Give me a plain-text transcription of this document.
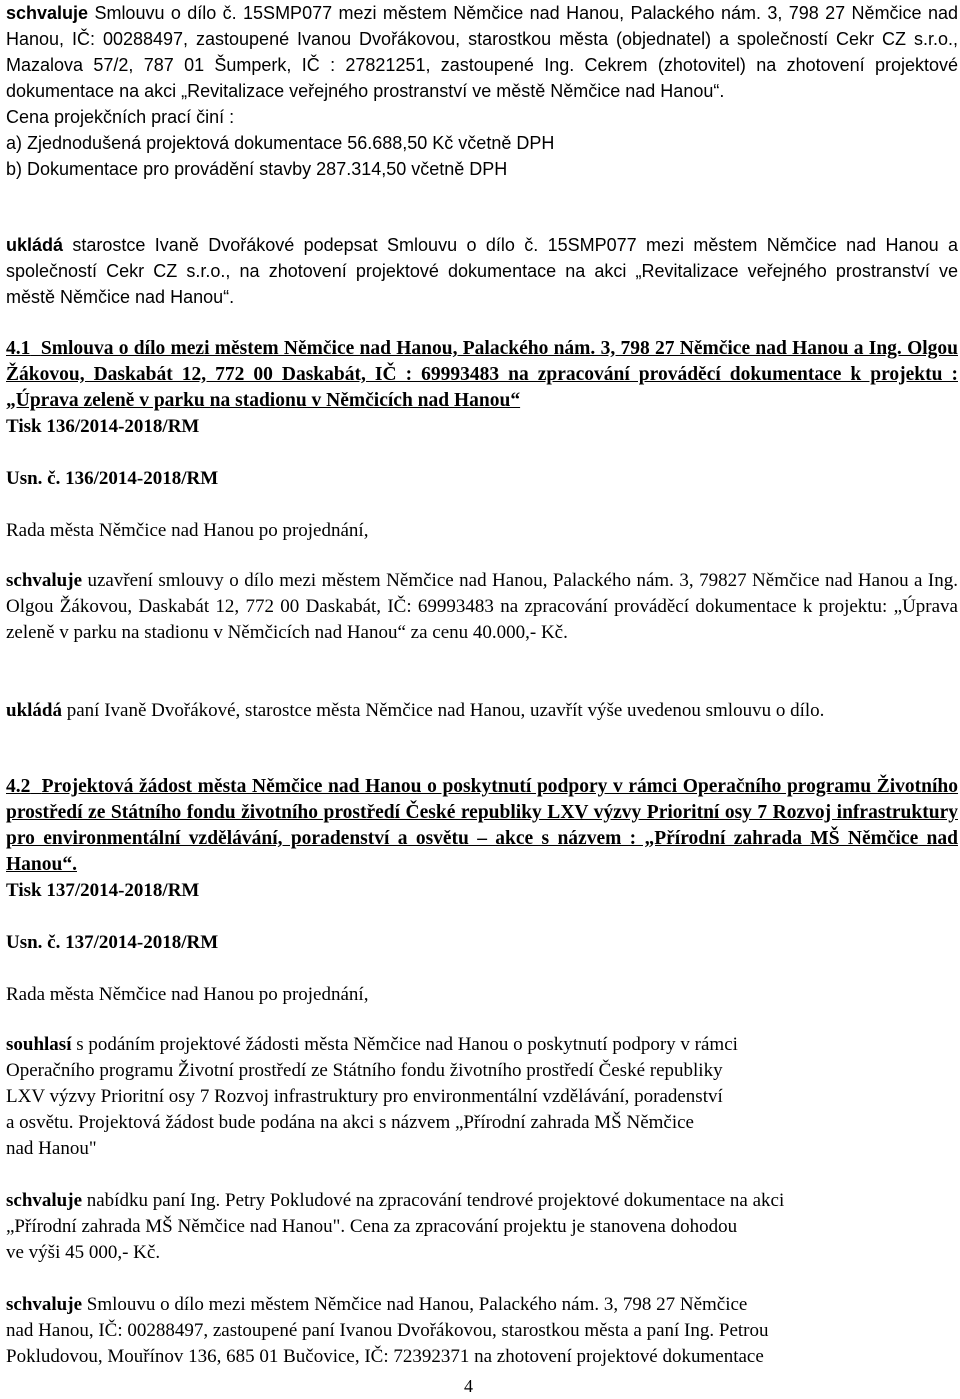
schvaluje Smlouvu o dílo č. 15SMP077 mezi městem Němčice nad Hanou, Palackého nám. 3, 798 27 Němčice nad Hanou, IČ: 00288497, zastoupené Ivanou Dvořákovou, starostkou města (objednatel) a společností Cekr CZ s.r.o., Mazalova 57/2, 787 01 Šumperk, IČ : 27821251, zastoupené Ing. Cekrem (zhotovitel) na zhotovení projektové dokumentace na akci „Revitalizace veřejného prostranství ve městě Němčice nad Hanou“.

Cena projekčních prací činí :

a) Zjednodušená projektová dokumentace 56.688,50 Kč včetně DPH

b) Dokumentace pro provádění stavby 287.314,50 včetně DPH

ukládá starostce Ivaně Dvořákové podepsat Smlouvu o dílo č. 15SMP077 mezi městem Němčice nad Hanou a společností Cekr CZ s.r.o., na zhotovení projektové dokumentace na akci „Revitalizace veřejného prostranství ve městě Němčice nad Hanou“.

4.1 Smlouva o dílo mezi městem Němčice nad Hanou, Palackého nám. 3, 798 27 Němčice nad Hanou a Ing. Olgou Žákovou, Daskabát 12, 772 00 Daskabát, IČ : 69993483 na zpracování prováděcí dokumentace k projektu : „Úprava zeleně v parku na stadionu v Němčicích nad Hanou“

Tisk 136/2014-2018/RM

Usn. č. 136/2014-2018/RM

Rada města Němčice nad Hanou po projednání,

schvaluje uzavření smlouvy o dílo mezi městem Němčice nad Hanou, Palackého nám. 3, 79827 Němčice nad Hanou a Ing. Olgou Žákovou, Daskabát 12, 772 00 Daskabát, IČ: 69993483 na zpracování prováděcí dokumentace k projektu: „Úprava zeleně v parku na stadionu v Němčicích nad Hanou“ za cenu 40.000,- Kč.

ukládá paní Ivaně Dvořákové, starostce města Němčice nad Hanou, uzavřít výše uvedenou smlouvu o dílo.

4.2 Projektová žádost města Němčice nad Hanou o poskytnutí podpory v rámci Operačního programu Životního prostředí ze Státního fondu životního prostředí České republiky LXV výzvy Prioritní osy 7 Rozvoj infrastruktury pro environmentální vzdělávání, poradenství a osvětu – akce s názvem : „Přírodní zahrada MŠ Němčice nad Hanou“.

Tisk 137/2014-2018/RM

Usn. č. 137/2014-2018/RM

Rada města Němčice nad Hanou po projednání,

souhlasí s podáním projektové žádosti města Němčice nad Hanou o poskytnutí podpory v rámci
Operačního programu Životní prostředí ze Státního fondu životního prostředí České republiky
LXV výzvy Prioritní osy 7 Rozvoj infrastruktury pro environmentální vzdělávání, poradenství
a osvětu. Projektová žádost bude podána na akci s názvem „Přírodní zahrada MŠ Němčice
nad Hanou"

schvaluje nabídku paní Ing. Petry Pokludové na zpracování tendrové projektové dokumentace na akci
„Přírodní zahrada MŠ Němčice nad Hanou". Cena za zpracování projektu je stanovena dohodou
ve výši 45 000,- Kč.

schvaluje Smlouvu o dílo mezi městem Němčice nad Hanou, Palackého nám. 3, 798 27 Němčice
nad Hanou, IČ: 00288497, zastoupené paní Ivanou Dvořákovou, starostkou města a paní Ing. Petrou
Pokludovou, Mouřínov 136, 685 01 Bučovice, IČ: 72392371 na zhotovení projektové dokumentace

4
